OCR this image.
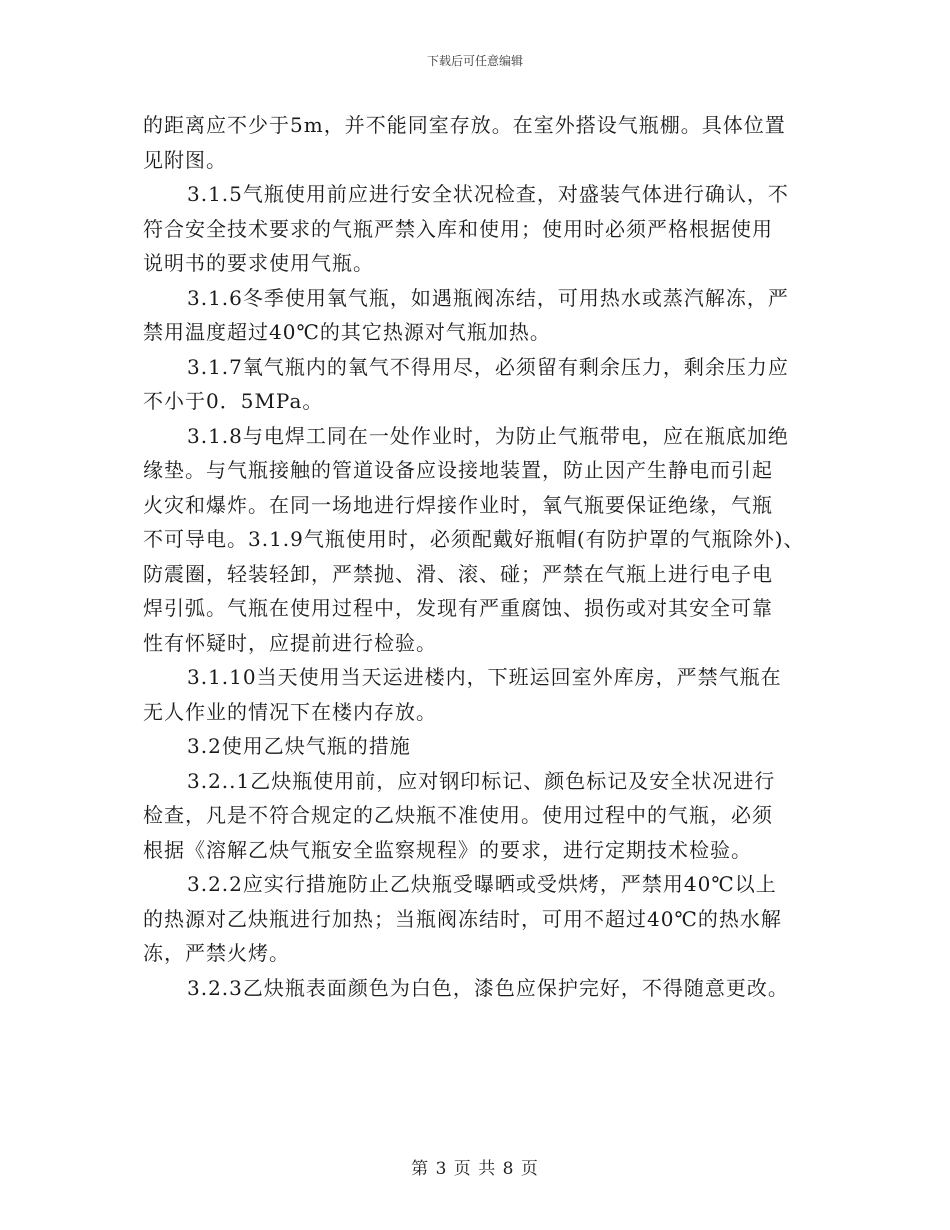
下载后可任意编辑
的距离应不少于5m，并不能同室存放。在室外搭设气瓶棚。具体位置
见附图。
3.1.5气瓶使用前应进行安全状况检查，对盛装气体进行确认，不
符合安全技术要求的气瓶严禁入库和使用；使用时必须严格根据使用
说明书的要求使用气瓶。
3.1.6冬季使用氧气瓶，如遇瓶阀冻结，可用热水或蒸汽解冻，严
禁用温度超过40℃的其它热源对气瓶加热。
3.1.7氧气瓶内的氧气不得用尽，必须留有剩余压力，剩余压力应
不小于0．5MPa。
3.1.8与电焊工同在一处作业时，为防止气瓶带电，应在瓶底加绝
缘垫。与气瓶接触的管道设备应设接地装置，防止因产生静电而引起
火灾和爆炸。在同一场地进行焊接作业时，氧气瓶要保证绝缘，气瓶
不可导电。3.1.9气瓶使用时，必须配戴好瓶帽(有防护罩的气瓶除外)、
防震圈，轻装轻卸，严禁抛、滑、滚、碰；严禁在气瓶上进行电子电
焊引弧。气瓶在使用过程中，发现有严重腐蚀、损伤或对其安全可靠
性有怀疑时，应提前进行检验。
3.1.10当天使用当天运进楼内，下班运回室外库房，严禁气瓶在
无人作业的情况下在楼内存放。
3.2使用乙炔气瓶的措施
3.2..1乙炔瓶使用前，应对钢印标记、颜色标记及安全状况进行
检查，凡是不符合规定的乙炔瓶不准使用。使用过程中的气瓶，必须
根据《溶解乙炔气瓶安全监察规程》的要求，进行定期技术检验。
3.2.2应实行措施防止乙炔瓶受曝晒或受烘烤，严禁用40℃以上
的热源对乙炔瓶进行加热；当瓶阀冻结时，可用不超过40℃的热水解
冻，严禁火烤。
3.2.3乙炔瓶表面颜色为白色，漆色应保护完好，不得随意更改。
第 3 页 共 8 页
